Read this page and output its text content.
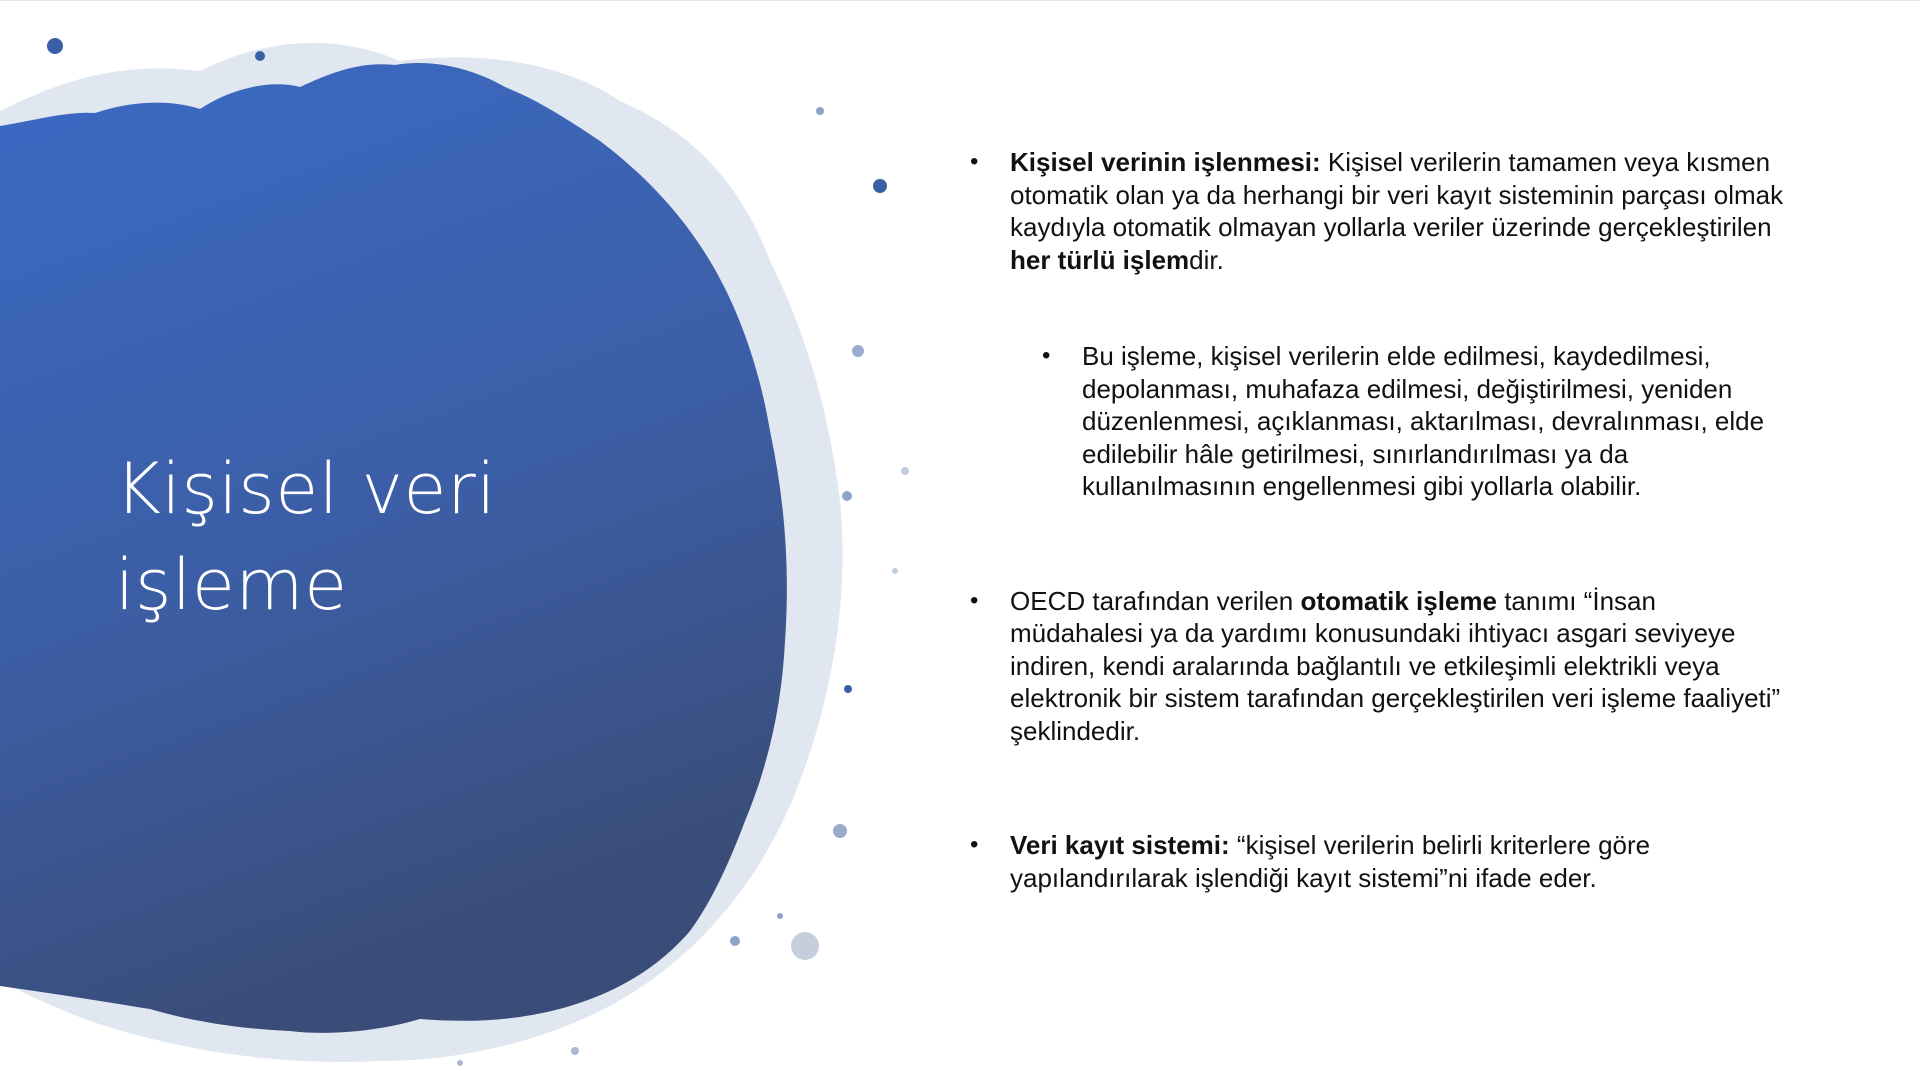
Kişisel veri
işleme
•	Kişisel verinin işlenmesi: Kişisel verilerin tamamen veya kısmen otomatik olan ya da herhangi bir veri kayıt sisteminin parçası olmak kaydıyla otomatik olmayan yollarla veriler üzerinde gerçekleştirilen her türlü işlemdir.
•	Bu işleme, kişisel verilerin elde edilmesi, kaydedilmesi, depolanması, muhafaza edilmesi, değiştirilmesi, yeniden düzenlenmesi, açıklanması, aktarılması, devralınması, elde edilebilir hâle getirilmesi, sınırlandırılması ya da kullanılmasının engellenmesi gibi yollarla olabilir.
•	OECD tarafından verilen otomatik işleme tanımı “İnsan müdahalesi ya da yardımı konusundaki ihtiyacı asgari seviyeye indiren, kendi aralarında bağlantılı ve etkileşimli elektrikli veya elektronik bir sistem tarafından gerçekleştirilen veri işleme faaliyeti” şeklindedir.
•	Veri kayıt sistemi: “kişisel verilerin belirli kriterlere göre yapılandırılarak işlendiği kayıt sistemi”ni ifade eder.
